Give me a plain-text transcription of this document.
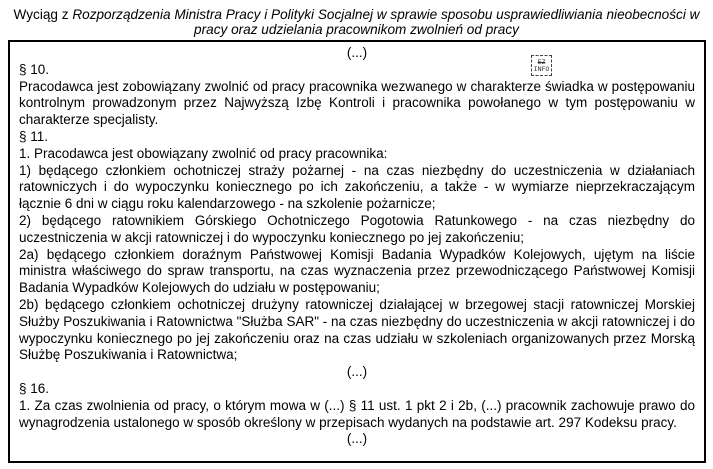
Wyciąg z Rozporządzenia Ministra Pracy i Polityki Socjalnej w sprawie sposobu usprawiedliwiania nieobecności w pracy oraz udzielania pracownikom zwolnień od pracy
EZ
INFO
(...)
§ 10.
Pracodawca jest zobowiązany zwolnić od pracy pracownika wezwanego w charakterze świadka w postępowaniu kontrolnym prowadzonym przez Najwyższą Izbę Kontroli i pracownika powołanego w tym postępowaniu w charakterze specjalisty.
§ 11.
1. Pracodawca jest obowiązany zwolnić od pracy pracownika:
1) będącego członkiem ochotniczej straży pożarnej - na czas niezbędny do uczestniczenia w działaniach ratowniczych i do wypoczynku koniecznego po ich zakończeniu, a także - w wymiarze nieprzekraczającym łącznie 6 dni w ciągu roku kalendarzowego - na szkolenie pożarnicze;
2) będącego ratownikiem Górskiego Ochotniczego Pogotowia Ratunkowego - na czas niezbędny do uczestniczenia w akcji ratowniczej i do wypoczynku koniecznego po jej zakończeniu;
2a) będącego członkiem doraźnym Państwowej Komisji Badania Wypadków Kolejowych, ujętym na liście ministra właściwego do spraw transportu, na czas wyznaczenia przez przewodniczącego Państwowej Komisji Badania Wypadków Kolejowych do udziału w postępowaniu;
2b) będącego członkiem ochotniczej drużyny ratowniczej działającej w brzegowej stacji ratowniczej Morskiej Służby Poszukiwania i Ratownictwa "Służba SAR" - na czas niezbędny do uczestniczenia w akcji ratowniczej i do wypoczynku koniecznego po jej zakończeniu oraz na czas udziału w szkoleniach organizowanych przez Morską Służbę Poszukiwania i Ratownictwa;
(...)
§ 16.
1. Za czas zwolnienia od pracy, o którym mowa w (...) § 11 ust. 1 pkt 2 i 2b, (...) pracownik zachowuje prawo do wynagrodzenia ustalonego w sposób określony w przepisach wydanych na podstawie art. 297 Kodeksu pracy.
(...)
